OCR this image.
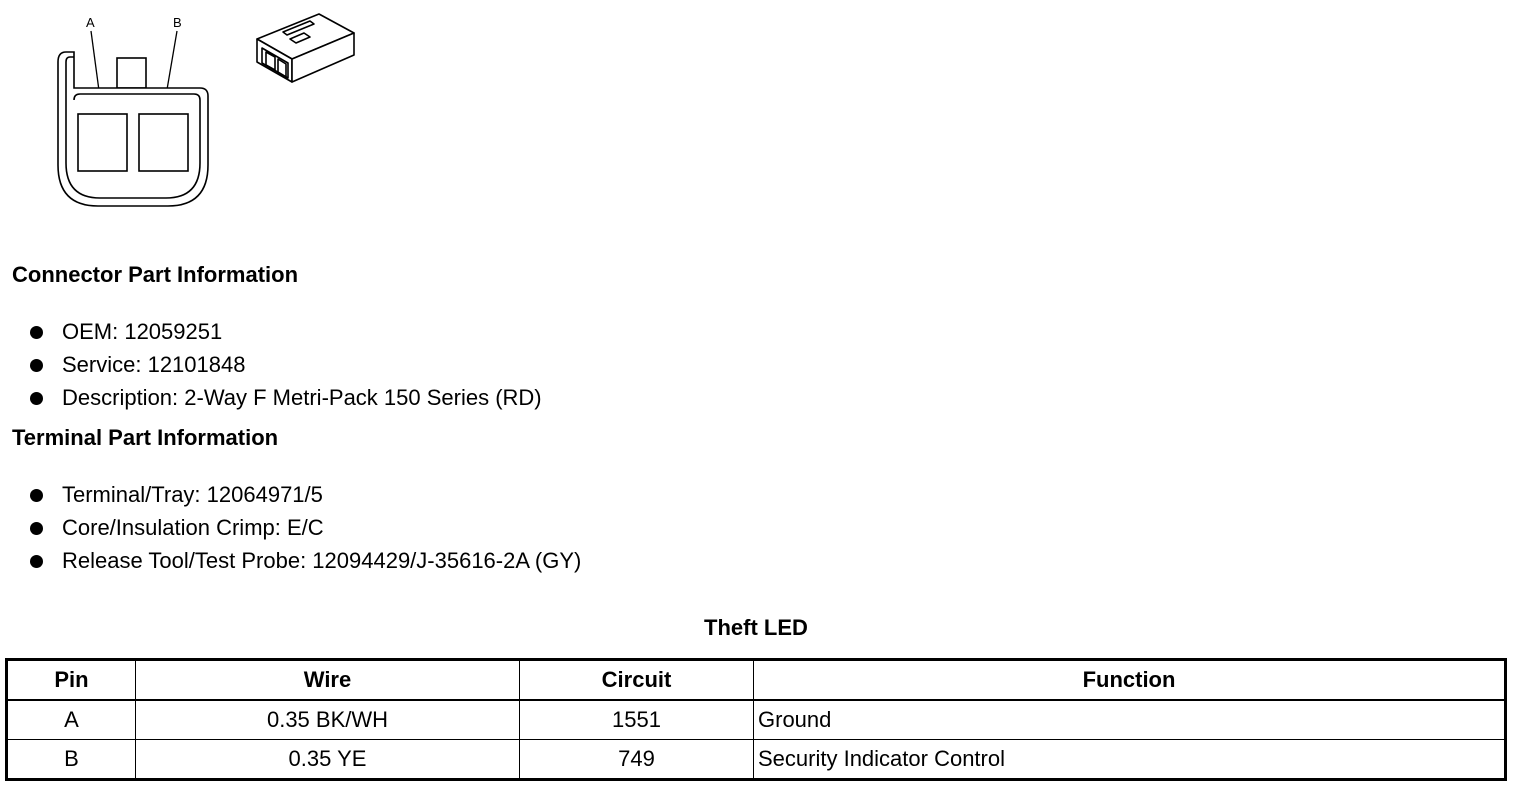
A	B
Connector Part Information
OEM: 12059251
Service: 12101848
Description: 2-Way F Metri-Pack 150 Series (RD)
Terminal Part Information
Terminal/Tray: 12064971/5
Core/Insulation Crimp: E/C
Release Tool/Test Probe: 12094429/J-35616-2A (GY)
Theft LED
Pin	Wire	Circuit	Function
A	0.35 BK/WH	1551	Ground
B	0.35 YE	749	Security Indicator Control
